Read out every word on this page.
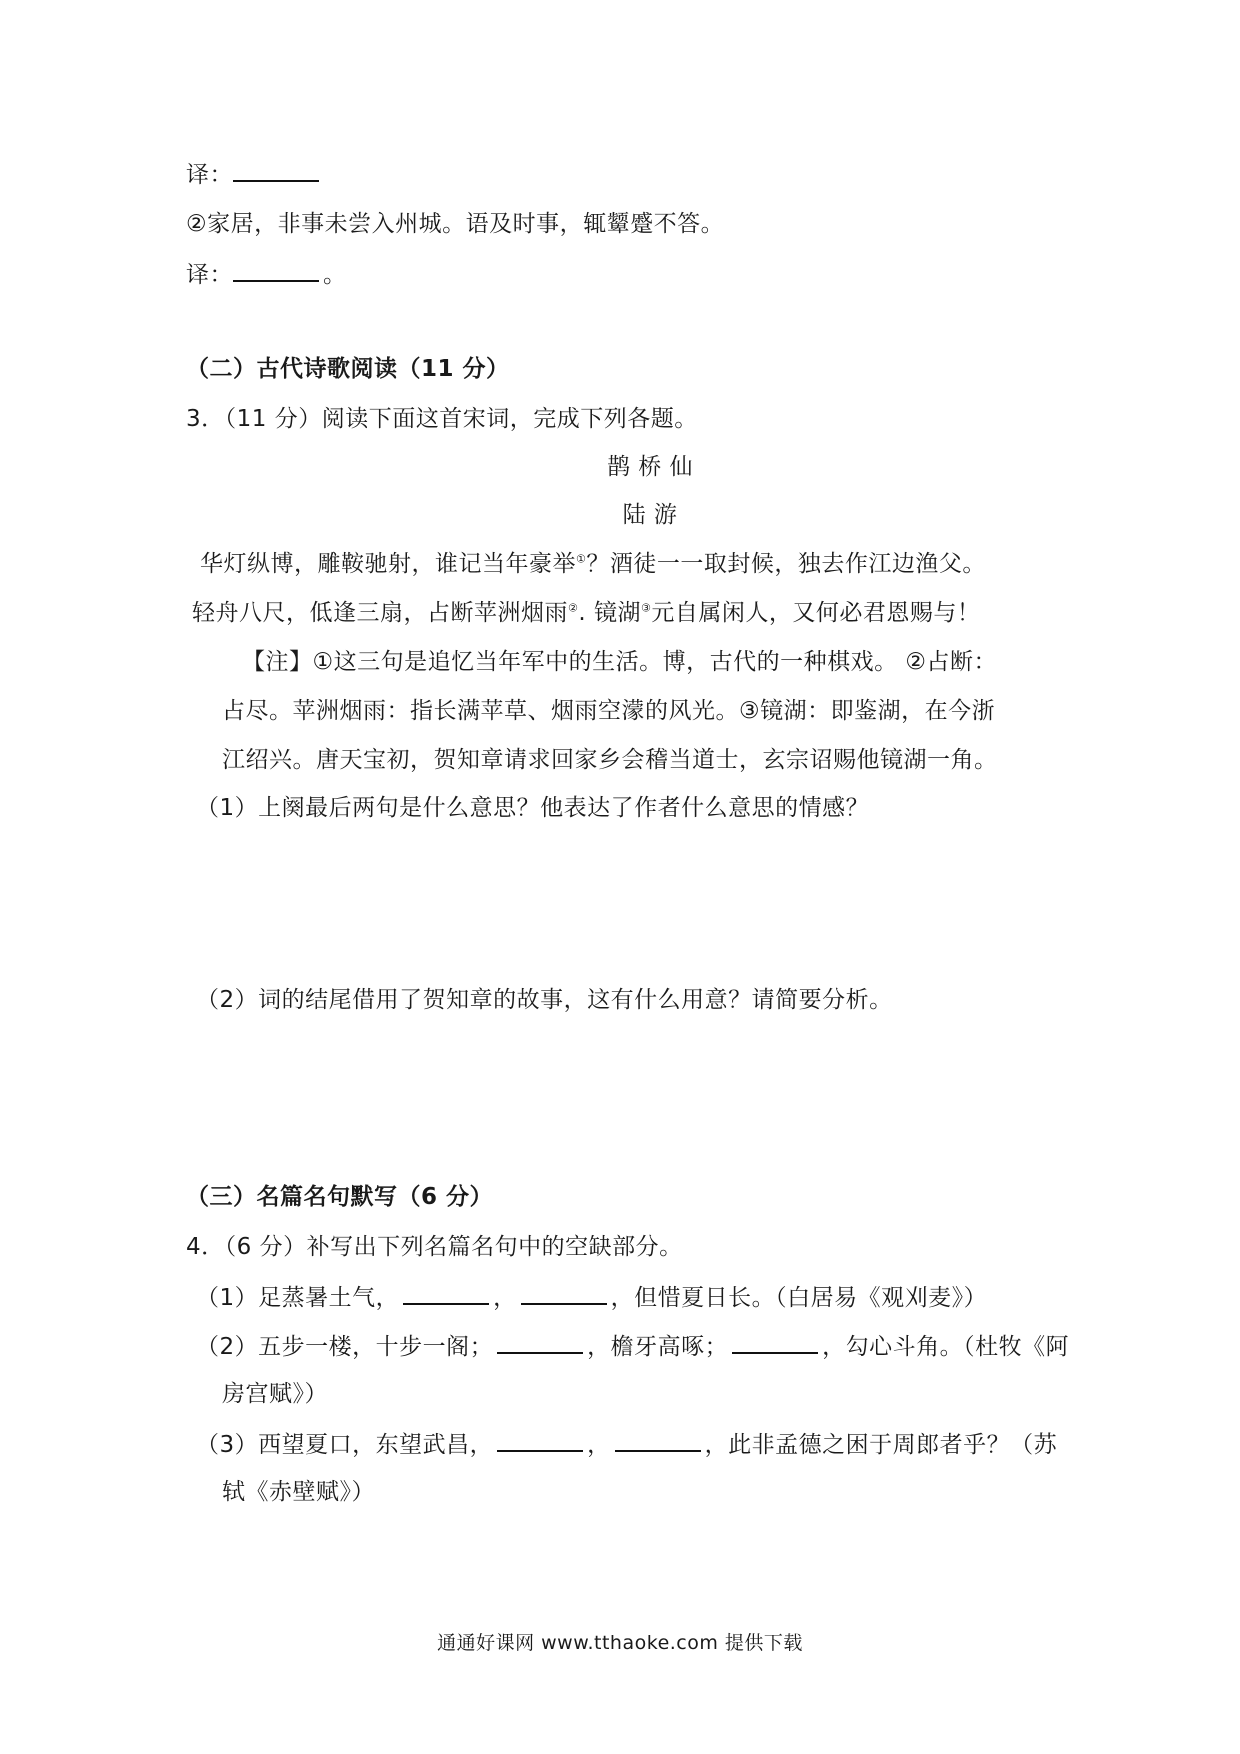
译：
②家居，非事未尝入州城。语及时事，辄颦蹙不答。
译：	。
（二）古代诗歌阅读（11 分）
3．（11 分）阅读下面这首宋词，完成下列各题。
鹊 桥 仙
陆 游
华灯纵博，雕鞍驰射，谁记当年豪举①？酒徒一一取封候，独去作江边渔父。
轻舟八尺，低逢三扇，占断苹洲烟雨②. 镜湖③元自属闲人，又何必君恩赐与！
【注】①这三句是追忆当年军中的生活。博，古代的一种棋戏。 ②占断：
占尽。苹洲烟雨：指长满苹草、烟雨空濛的风光。③镜湖：即鉴湖，在今浙
江绍兴。唐天宝初，贺知章请求回家乡会稽当道士，玄宗诏赐他镜湖一角。
（1）上阕最后两句是什么意思？他表达了作者什么意思的情感？
（2）词的结尾借用了贺知章的故事，这有什么用意？请简要分析。
（三）名篇名句默写（6 分）
4．（6 分）补写出下列名篇名句中的空缺部分。
（1）足蒸暑土气，	，	，但惜夏日长。（白居易《观刈麦》）
（2）五步一楼，十步一阁；	，檐牙高啄；	，勾心斗角。（杜牧《阿
房宫赋》）
（3）西望夏口，东望武昌，	，	，此非孟德之困于周郎者乎？（苏
轼《赤壁赋》）
通通好课网 www.tthaoke.com 提供下载
